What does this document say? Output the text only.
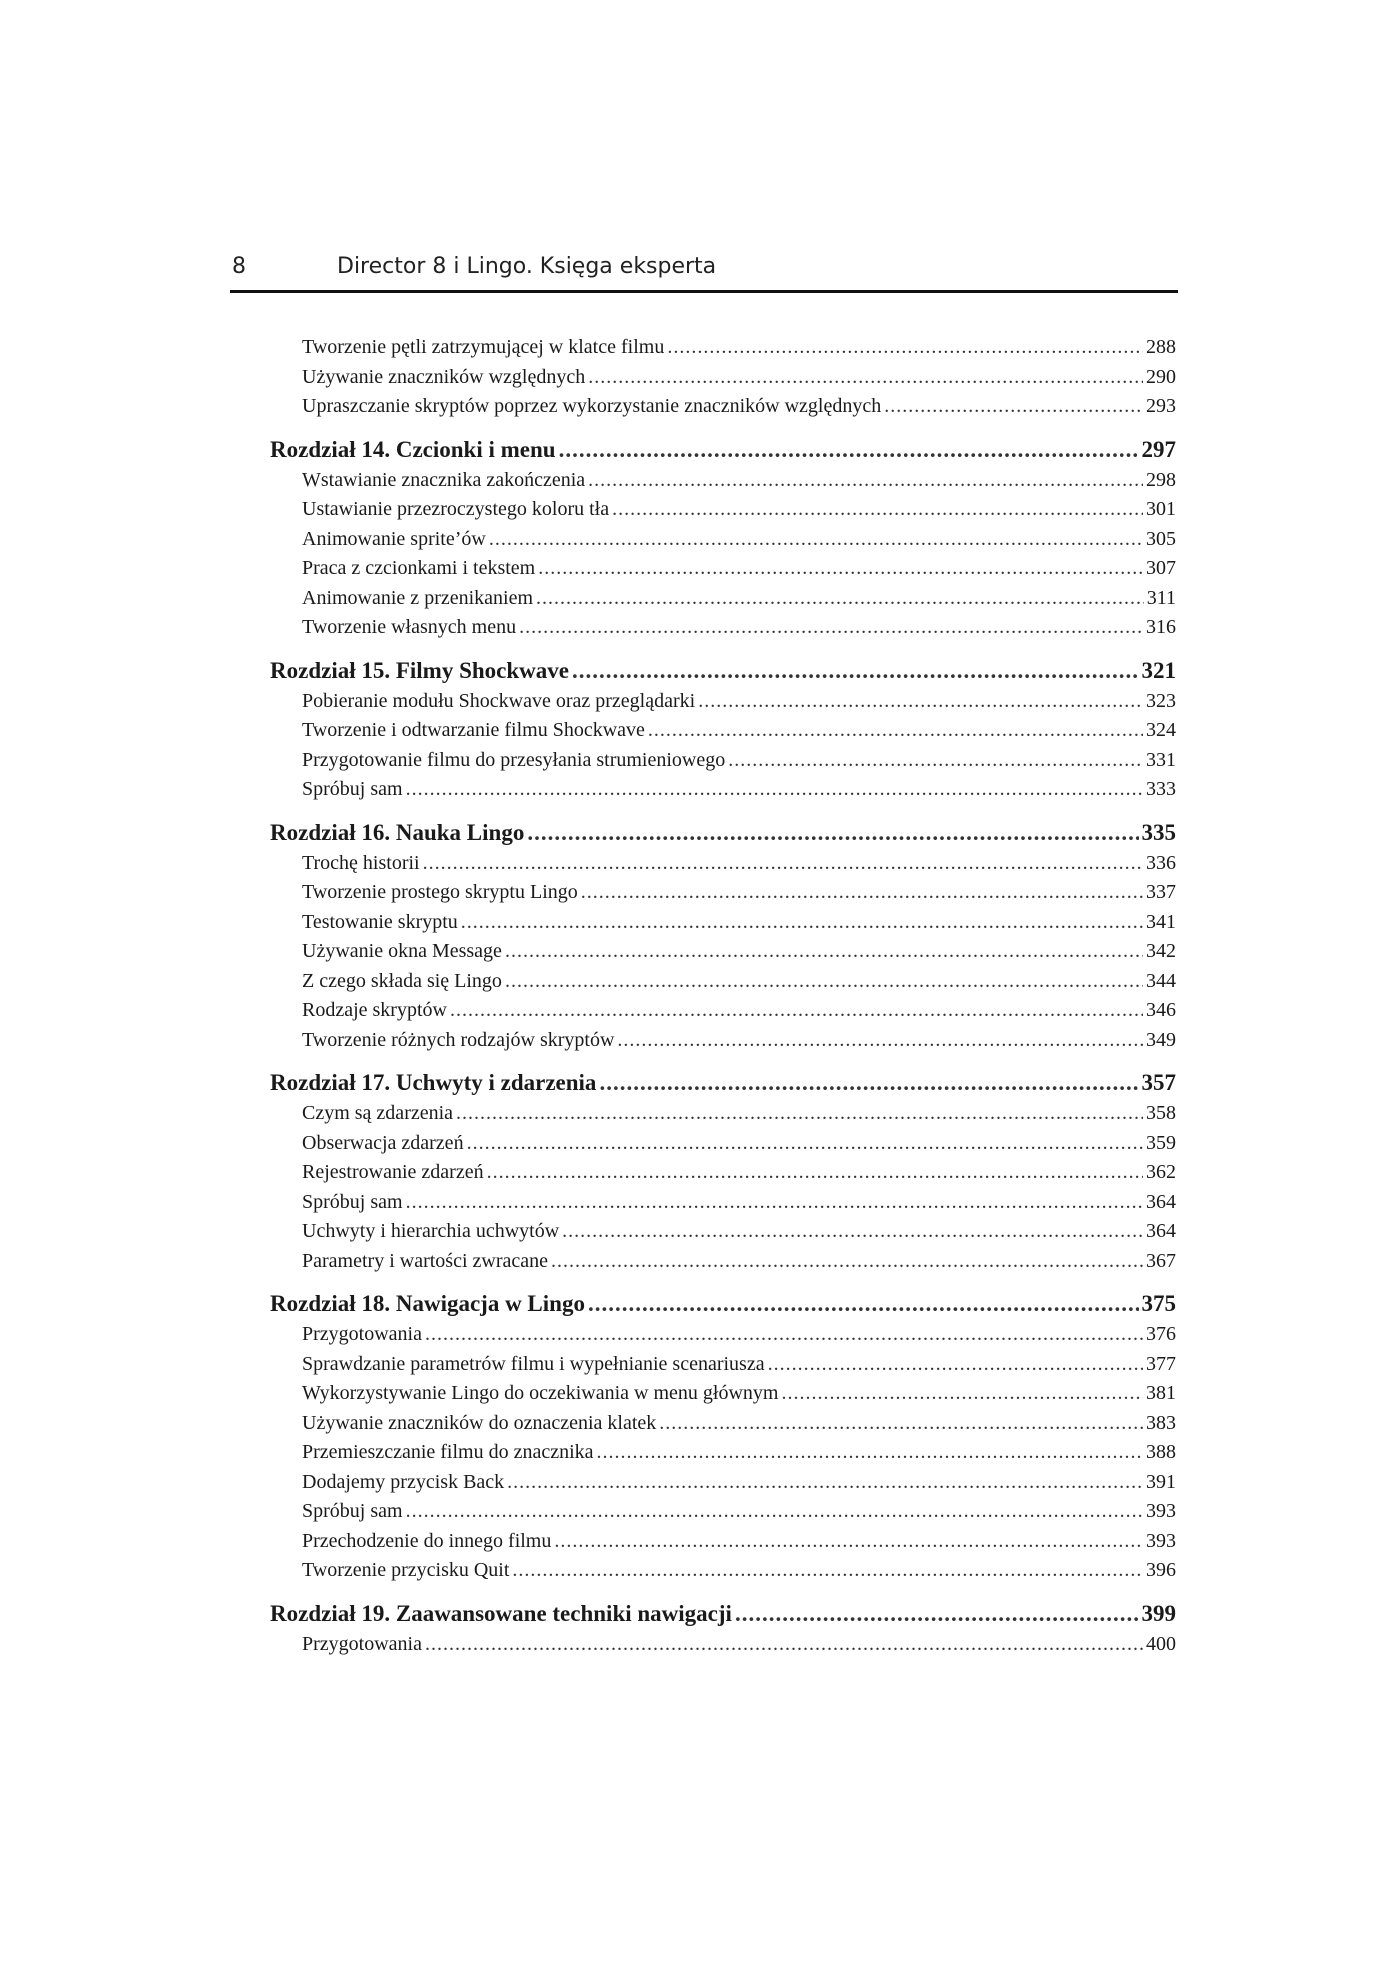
8	Director 8 i Lingo. Księga eksperta
Tworzenie pętli zatrzymującej w klatce filmu .....	288
Używanie znaczników względnych .....	290
Upraszczanie skryptów poprzez wykorzystanie znaczników względnych .....	293
Rozdział 14. Czcionki i menu .....	297
Wstawianie znacznika zakończenia .....	298
Ustawianie przezroczystego koloru tła .....	301
Animowanie sprite’ów .....	305
Praca z czcionkami i tekstem .....	307
Animowanie z przenikaniem .....	311
Tworzenie własnych menu .....	316
Rozdział 15. Filmy Shockwave .....	321
Pobieranie modułu Shockwave oraz przeglądarki .....	323
Tworzenie i odtwarzanie filmu Shockwave .....	324
Przygotowanie filmu do przesyłania strumieniowego .....	331
Spróbuj sam .....	333
Rozdział 16. Nauka Lingo .....	335
Trochę historii .....	336
Tworzenie prostego skryptu Lingo .....	337
Testowanie skryptu .....	341
Używanie okna Message .....	342
Z czego składa się Lingo .....	344
Rodzaje skryptów .....	346
Tworzenie różnych rodzajów skryptów .....	349
Rozdział 17. Uchwyty i zdarzenia .....	357
Czym są zdarzenia .....	358
Obserwacja zdarzeń .....	359
Rejestrowanie zdarzeń .....	362
Spróbuj sam .....	364
Uchwyty i hierarchia uchwytów .....	364
Parametry i wartości zwracane .....	367
Rozdział 18. Nawigacja w Lingo .....	375
Przygotowania .....	376
Sprawdzanie parametrów filmu i wypełnianie scenariusza .....	377
Wykorzystywanie Lingo do oczekiwania w menu głównym .....	381
Używanie znaczników do oznaczenia klatek .....	383
Przemieszczanie filmu do znacznika .....	388
Dodajemy przycisk Back .....	391
Spróbuj sam .....	393
Przechodzenie do innego filmu .....	393
Tworzenie przycisku Quit .....	396
Rozdział 19. Zaawansowane techniki nawigacji .....	399
Przygotowania .....	400
